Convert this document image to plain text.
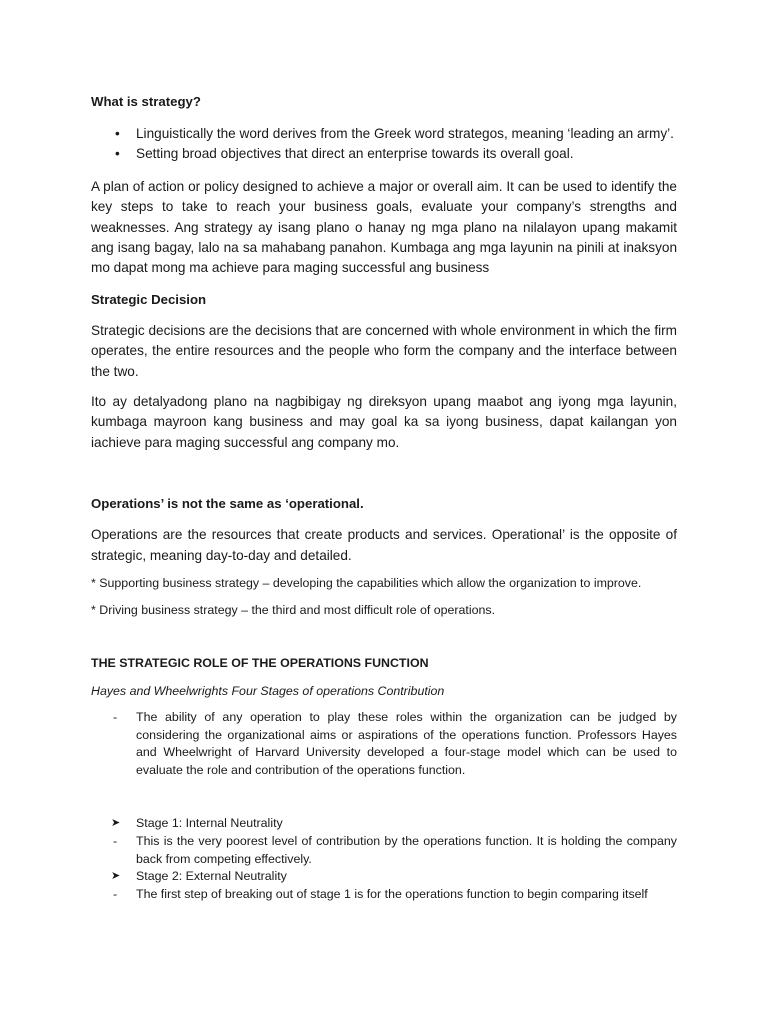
What is strategy?

• Linguistically the word derives from the Greek word strategos, meaning ‘leading an army’.
• Setting broad objectives that direct an enterprise towards its overall goal.

A plan of action or policy designed to achieve a major or overall aim. It can be used to identify the key steps to take to reach your business goals, evaluate your company’s strengths and weaknesses. Ang strategy ay isang plano o hanay ng mga plano na nilalayon upang makamit ang isang bagay, lalo na sa mahabang panahon. Kumbaga ang mga layunin na pinili at inaksyon mo dapat mong ma achieve para maging successful ang business

Strategic Decision

Strategic decisions are the decisions that are concerned with whole environment in which the firm operates, the entire resources and the people who form the company and the interface between the two.

Ito ay detalyadong plano na nagbibigay ng direksyon upang maabot ang iyong mga layunin, kumbaga mayroon kang business and may goal ka sa iyong business, dapat kailangan yon iachieve para maging successful ang company mo.

Operations’ is not the same as ‘operational.

Operations are the resources that create products and services. Operational’ is the opposite of strategic, meaning day-to-day and detailed.

* Supporting business strategy – developing the capabilities which allow the organization to improve.

* Driving business strategy – the third and most difficult role of operations.

THE STRATEGIC ROLE OF THE OPERATIONS FUNCTION

Hayes and Wheelwrights Four Stages of operations Contribution

- The ability of any operation to play these roles within the organization can be judged by considering the organizational aims or aspirations of the operations function. Professors Hayes and Wheelwright of Harvard University developed a four-stage model which can be used to evaluate the role and contribution of the operations function.
➤ Stage 1: Internal Neutrality
- This is the very poorest level of contribution by the operations function. It is holding the company back from competing effectively.
➤ Stage 2: External Neutrality
- The first step of breaking out of stage 1 is for the operations function to begin comparing itself
